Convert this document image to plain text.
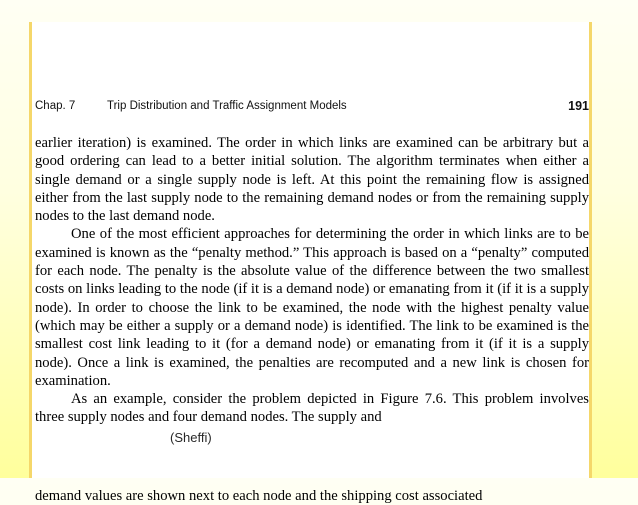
Chap. 7	Trip Distribution and Traffic Assignment Models	191

earlier iteration) is examined. The order in which links are examined can be arbitrary but a good ordering can lead to a better initial solution. The algorithm terminates when either a single demand or a single supply node is left. At this point the remaining flow is assigned either from the last supply node to the remaining demand nodes or from the remaining supply nodes to the last demand node.

One of the most efficient approaches for determining the order in which links are to be examined is known as the “penalty method.” This approach is based on a “penalty” computed for each node. The penalty is the absolute value of the difference between the two smallest costs on links leading to the node (if it is a demand node) or emanating from it (if it is a supply node). In order to choose the link to be examined, the node with the highest penalty value (which may be either a supply or a demand node) is identified. The link to be examined is the smallest cost link leading to it (for a demand node) or emanating from it (if it is a supply node). Once a link is examined, the penalties are recomputed and a new link is chosen for examination.

As an example, consider the problem depicted in Figure 7.6. This problem involves three supply nodes and four demand nodes. The supply and

demand values are shown next to each node and the shipping cost associated
(Sheffi)
